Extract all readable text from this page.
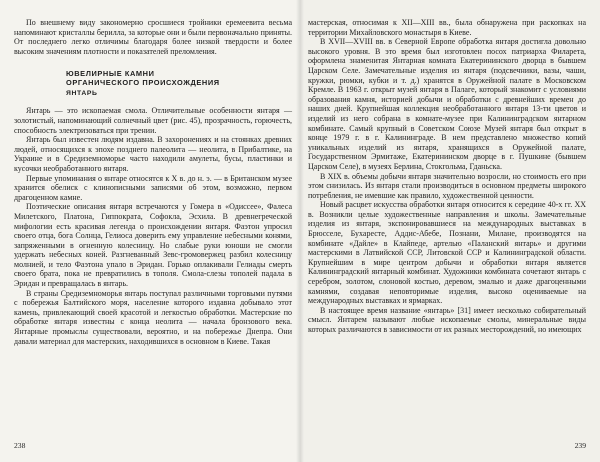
По внешнему виду закономерно сросшиеся тройники еремеевита весьма напоминают кристаллы берилла, за которые они и были первоначально приняты. От последнего легко отличимы благодаря более низкой твердости и более высоким значениям плотности и показателей преломления.

ЮВЕЛИРНЫЕ КАМНИ
ОРГАНИЧЕСКОГО ПРОИСХОЖДЕНИЯ
ЯНТАРЬ

Янтарь — это ископаемая смола. Отличительные особенности янтаря — золотистый, напоминающий солнечный цвет (рис. 45), прозрачность, горючесть, способность электризоваться при трении.

Янтарь был известен людям издавна. В захоронениях и на стоянках древних людей, относящихся к эпохе позднего палеолита — неолита, в Прибалтике, на Украине и в Средиземноморье часто находили амулеты, бусы, пластинки и кусочки необработанного янтаря.

Первые упоминания о янтаре относятся к X в. до н. э. — в Британском музее хранится обелиск с клинописными записями об этом, возможно, первом драгоценном камне.

Поэтические описания янтаря встречаются у Гомера в «Одиссее», Фалеса Милетского, Платона, Гиппократа, Софокла, Эсхила. В древнегреческой мифологии есть красивая легенда о происхождении янтаря. Фаэтон упросил своего отца, бога Солнца, Гелиоса доверить ему управление небесными конями, запряженными в огненную колесницу. Но слабые руки юноши не смогли удержать небесных коней. Разгневанный Зевс-громовержец разбил колесницу молнией, и тело Фаэтона упало в Эридан. Горько оплакивали Гелиады смерть своего брата, пока не превратились в тополя. Смола-слезы тополей падала в Эридан и превращалась в янтарь.

В страны Средиземноморья янтарь поступал различными торговыми путями с побережья Балтийского моря, население которого издавна добывало этот камень, привлекающий своей красотой и легкостью обработки. Мастерские по обработке янтаря известны с конца неолита — начала бронзового века. Янтарные промыслы существовали, вероятно, и на побережье Днепра. Они давали материал для мастерских, находившихся в основном в Киеве. Такая

238	239

мастерская, относимая к XII—XIII вв., была обнаружена при раскопках на территории Михайловского монастыря в Киеве.

В XVII—XVIII вв. в Северной Европе обработка янтаря достигла довольно высокого уровня. В это время был изготовлен посох патриарха Филарета, оформлена знаменитая Янтарная комната Екатерининского дворца в бывшем Царском Селе. Замечательные изделия из янтаря (подсвечники, вазы, чаши, кружки, рюмки, кубки и т. д.) хранятся в Оружейной палате в Московском Кремле. В 1963 г. открыт музей янтаря в Палаге, который знакомит с условиями образования камня, историей добычи и обработки с древнейших времен до наших дней. Крупнейшая коллекция необработанного янтаря 13-ти цветов и изделий из него собрана в комнате-музее при Калининградском янтарном комбинате. Самый крупный в Советском Союзе Музей янтаря был открыт в конце 1979 г. в г. Калининграде. В нем представлено множество копий уникальных изделий из янтаря, хранящихся в Оружейной палате, Государственном Эрмитаже, Екатерининском дворце в г. Пушкине (бывшем Царском Селе), в музеях Берлина, Стокгольма, Гданьска.

В XIX в. объемы добычи янтаря значительно возросли, но стоимость его при этом снизилась. Из янтаря стали производиться в основном предметы широкого потребления, не имевшие как правило, художественной ценности.

Новый расцвет искусства обработки янтаря относится к середине 40-х гг. XX в. Возникли целые художественные направления и школы. Замечательные изделия из янтаря, экспонировавшиеся на международных выставках в Брюсселе, Бухаресте, Аддис-Абебе, Познани, Милане, производятся на комбинате «Дайле» в Клайпеде, артелью «Паланский янтарь» и другими мастерскими в Латвийской ССР, Литовской ССР и Калининградской области. Крупнейшим в мире центром добычи и обработки янтаря является Калининградский янтарный комбинат. Художники комбината сочетают янтарь с серебром, золотом, слоновой костью, деревом, эмалью и даже драгоценными камнями, создавая неповторимые изделия, высоко оцениваемые на международных выставках и ярмарках.

В настоящее время название «янтарь» [31] имеет несколько собирательный смысл. Янтарем называют любые ископаемые смолы, минеральные виды которых различаются в зависимости от их разных месторождений, но имеющих
